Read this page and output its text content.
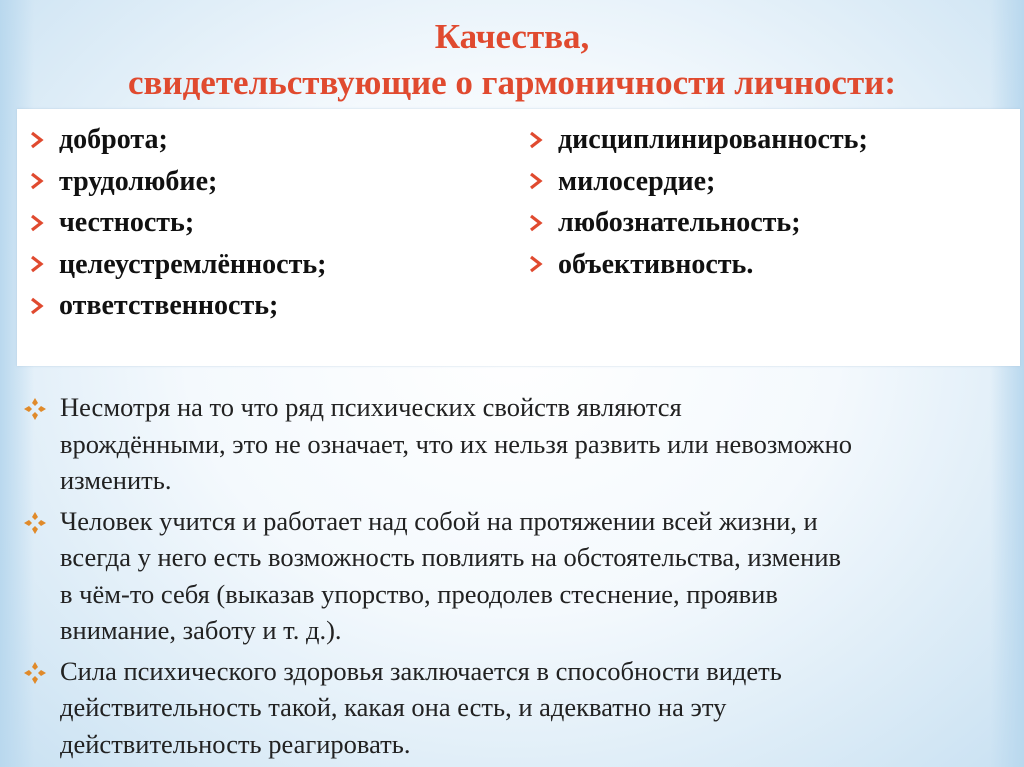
Качества,
свидетельствующие о гармоничности личности:
доброта;
трудолюбие;
честность;
целеустремлённость;
ответственность;
дисциплинированность;
милосердие;
любознательность;
объективность.
Несмотря на то что ряд психических свойств являются
врождёнными, это не означает, что их нельзя развить или невозможно
изменить.
Человек учится и работает над собой на протяжении всей жизни, и
всегда у него есть возможность повлиять на обстоятельства, изменив
в чём-то себя (выказав упорство, преодолев стеснение, проявив
внимание, заботу и т. д.).
Сила психического здоровья заключается в способности видеть
действительность такой, какая она есть, и адекватно на эту
действительность реагировать.
